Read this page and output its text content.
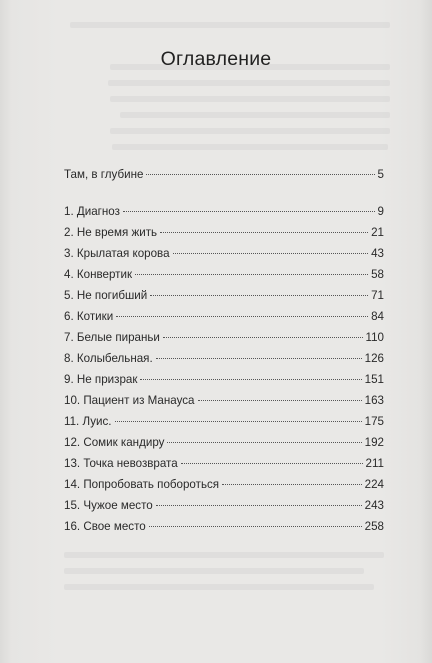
Оглавление
Там, в глубине	5
1. Диагноз	9
2. Не время жить	21
3. Крылатая корова	43
4. Конвертик	58
5. Не погибший	71
6. Котики	84
7. Белые пираньи	110
8. Колыбельная.	126
9. Не призрак	151
10. Пациент из Манауса	163
11. Луис.	175
12. Сомик кандиру	192
13. Точка невозврата	211
14. Попробовать побороться	224
15. Чужое место	243
16. Свое место	258
